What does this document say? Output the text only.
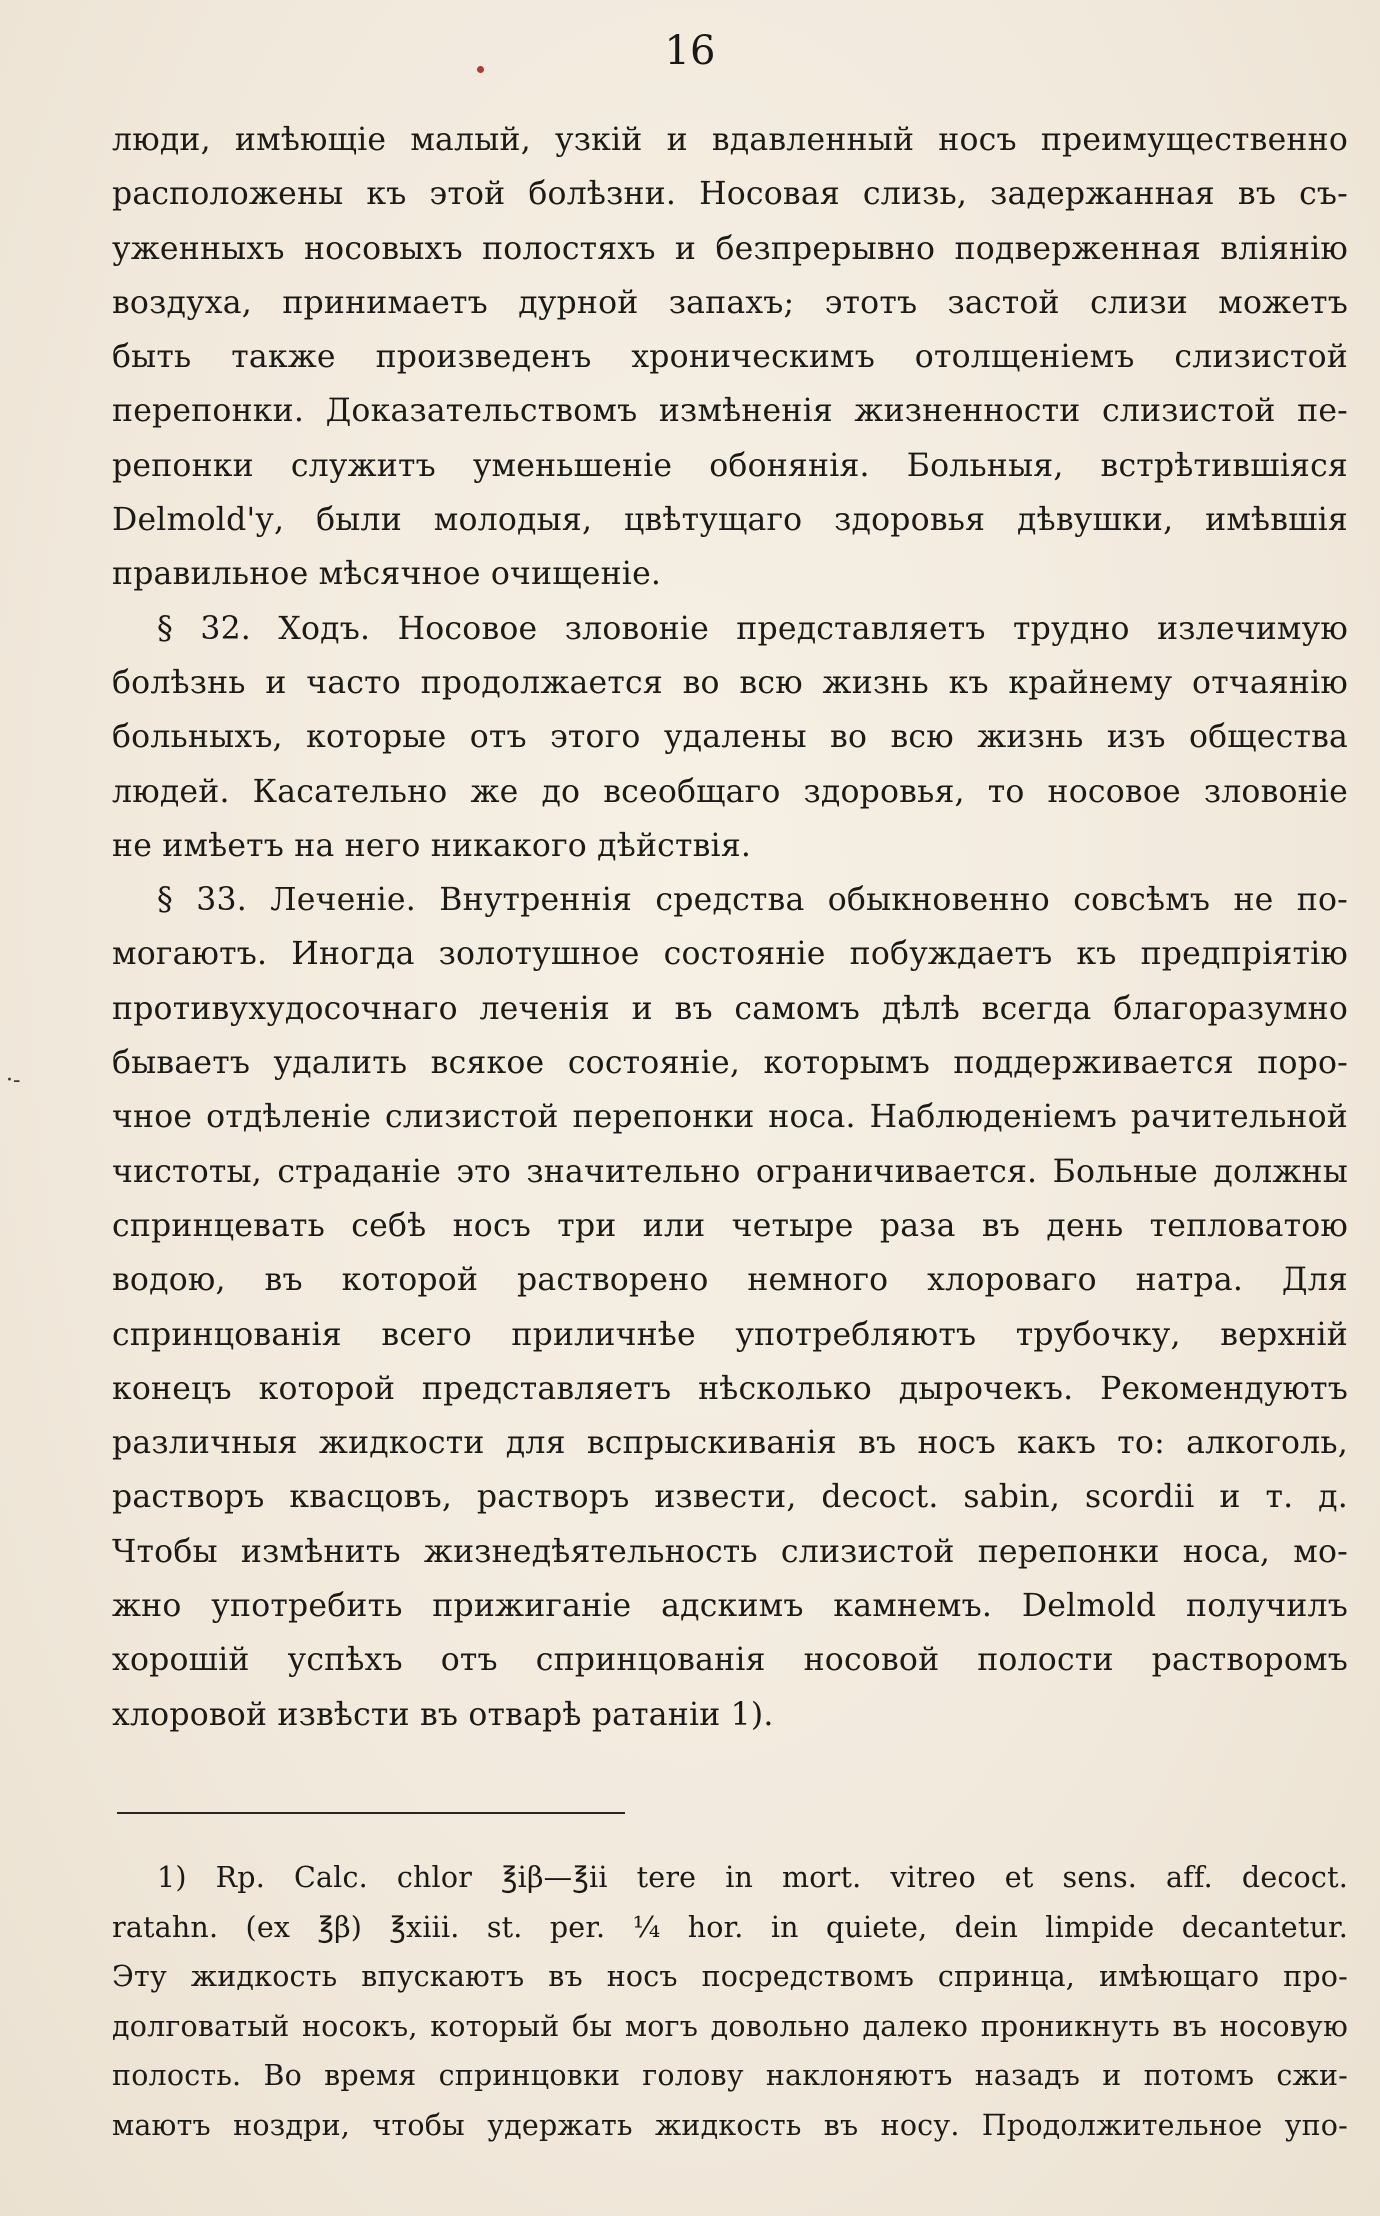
16
·-
люди, имѣющіе малый, узкій и вдавленный носъ преимущественно
расположены къ этой болѣзни. Носовая слизь, задержанная въ съ-
уженныхъ носовыхъ полостяхъ и безпрерывно подверженная вліянію
воздуха, принимаетъ дурной запахъ; этотъ застой слизи можетъ
быть также произведенъ хроническимъ отолщеніемъ слизистой
перепонки. Доказательствомъ измѣненія жизненности слизистой пе-
репонки служитъ уменьшеніе обонянія. Больныя, встрѣтившіяся
Delmold'у, были молодыя, цвѣтущаго здоровья дѣвушки, имѣвшія
правильное мѣсячное очищеніе.
§ 32. Ходъ. Носовое зловоніе представляетъ трудно излечимую
болѣзнь и часто продолжается во всю жизнь къ крайнему отчаянію
больныхъ, которые отъ этого удалены во всю жизнь изъ общества
людей. Касательно же до всеобщаго здоровья, то носовое зловоніе
не имѣетъ на него никакого дѣйствія.
§ 33. Леченіе. Внутреннія средства обыкновенно совсѣмъ не по-
могаютъ. Иногда золотушное состояніе побуждаетъ къ предпріятію
противухудосочнаго леченія и въ самомъ дѣлѣ всегда благоразумно
бываетъ удалить всякое состояніе, которымъ поддерживается поро-
чное отдѣленіе слизистой перепонки носа. Наблюденіемъ рачительной
чистоты, страданіе это значительно ограничивается. Больные должны
спринцевать себѣ носъ три или четыре раза въ день тепловатою
водою, въ которой растворено немного хлороваго натра. Для
спринцованія всего приличнѣе употребляютъ трубочку, верхній
конецъ которой представляетъ нѣсколько дырочекъ. Рекомендуютъ
различныя жидкости для вспрыскиванія въ носъ какъ то: алкоголь,
растворъ квасцовъ, растворъ извести, decoct. sabin, scordii и т. д.
Чтобы измѣнить жизнедѣятельность слизистой перепонки носа, мо-
жно употребить прижиганіе адскимъ камнемъ. Delmold получилъ
хорошій успѣхъ отъ спринцованія носовой полости растворомъ
хлоровой извѣсти въ отварѣ ратаніи 1).
1) Rp. Calc. chlor ℥iβ—℥ii tere in mort. vitreo et sens. aff. decoct.
ratahn. (ex ℥β) ℥xiii. st. per. ¼ hor. in quiete, dein limpide decantetur.
Эту жидкость впускаютъ въ носъ посредствомъ спринца, имѣющаго про-
долговатый носокъ, который бы могъ довольно далеко проникнуть въ носовую
полость. Во время спринцовки голову наклоняютъ назадъ и потомъ сжи-
маютъ ноздри, чтобы удержать жидкость въ носу. Продолжительное упо-
